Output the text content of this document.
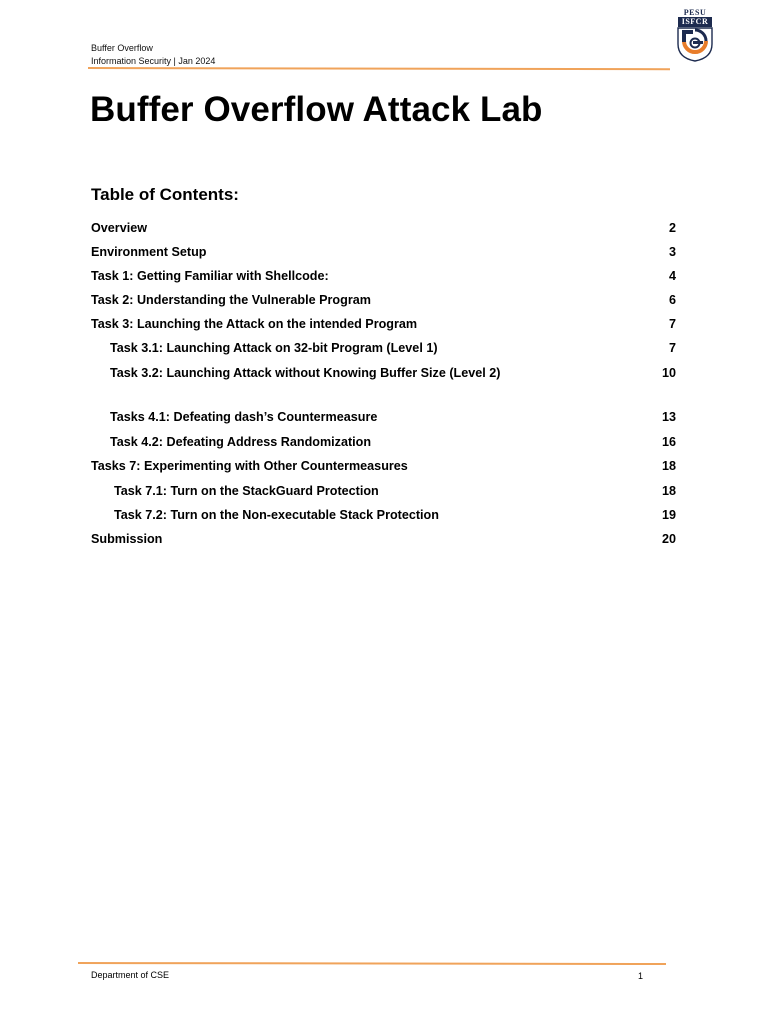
Buffer Overflow
Information Security | Jan 2024
PESU
ISFCR
Buffer Overflow Attack Lab
Table of Contents:
Overview	2
Environment Setup	3
Task 1: Getting Familiar with Shellcode:	4
Task 2: Understanding the Vulnerable Program	6
Task 3: Launching the Attack on the intended Program	7
Task 3.1: Launching Attack on 32-bit Program (Level 1)	7
Task 3.2: Launching Attack without Knowing Buffer Size (Level 2)	10
Tasks 4.1: Defeating dash’s Countermeasure	13
Task 4.2: Defeating Address Randomization	16
Tasks 7: Experimenting with Other Countermeasures	18
Task 7.1: Turn on the StackGuard Protection	18
Task 7.2: Turn on the Non-executable Stack Protection	19
Submission	20
Department of CSE	1
